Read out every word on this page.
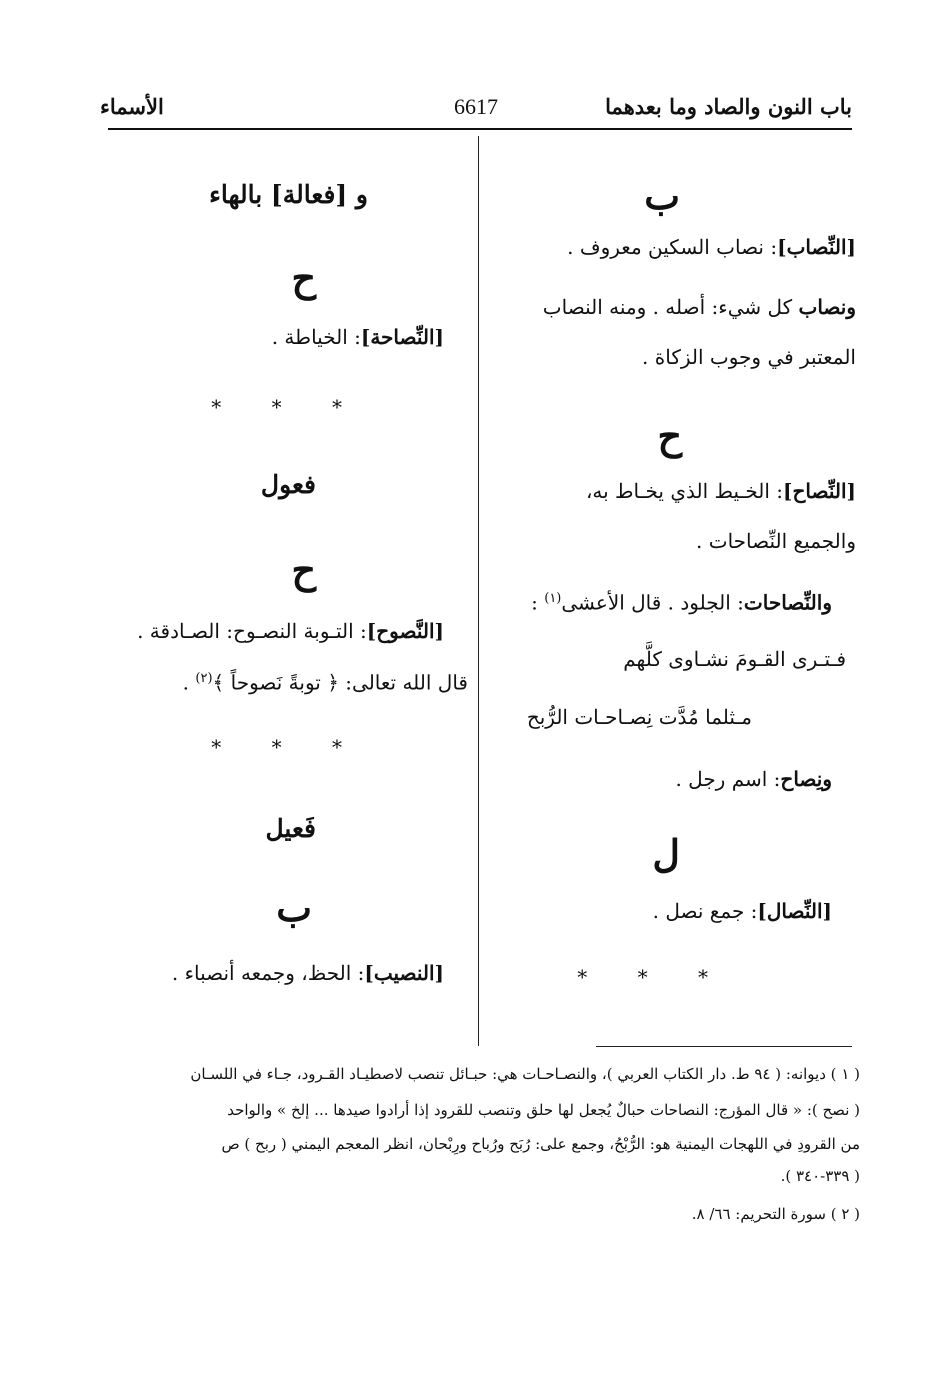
باب النون والصاد وما بعدهما
6617
الأسماء
ب
[النِّصاب]: نصاب السكين معروف .
ونصاب كل شيء: أصله . ومنه النصاب
المعتبر في وجوب الزكاة .
ح
[النِّصاح]: الخـيط الذي يخـاط به،
والجميع النِّصاحات .
والنِّصاحات: الجلود . قال الأعشى$^{(١)}$ :
فـتـرى القـومَ نشـاوى كلَّهم
مـثلما مُدَّت نِصـاحـات الرُّبح
ونِصاح: اسم رجل .
ل
[النِّصال]: جمع نصل .
* * *
و [فعالة] بالهاء
ح
[النِّصاحة]: الخياطة .
* * *
فعول
ح
[النَّصوح]: التـوبة النصـوح: الصـادقة .
قال الله تعالى: ﴿ توبةً نَصوحاً ﴾$^{(٢)}$ .
* * *
فَعيل
ب
[النصيب]: الحظ، وجمعه أنصباء .
( ١ ) ديوانه: ( ٩٤ ط. دار الكتاب العربي )، والنصـاحـات هي: حبـائل تنصب لاصطيـاد القـرود، جـاء في اللسـان
( نصح ): « قال المؤرج: النصاحات حبالٌ يُجعل لها حلق وتنصب للقرود إذا أرادوا صيدها ... إلخ » والواحد
من القرودِ في اللهجات اليمنية هو: الرُّبْحُ، وجمع على: رُبَح ورُباح ورِبْحان، انظر المعجم اليمني ( ربح ) ص
( ٣٣٩-٣٤٠ ).
( ٢ ) سورة التحريم: ٦٦/ ٨.
